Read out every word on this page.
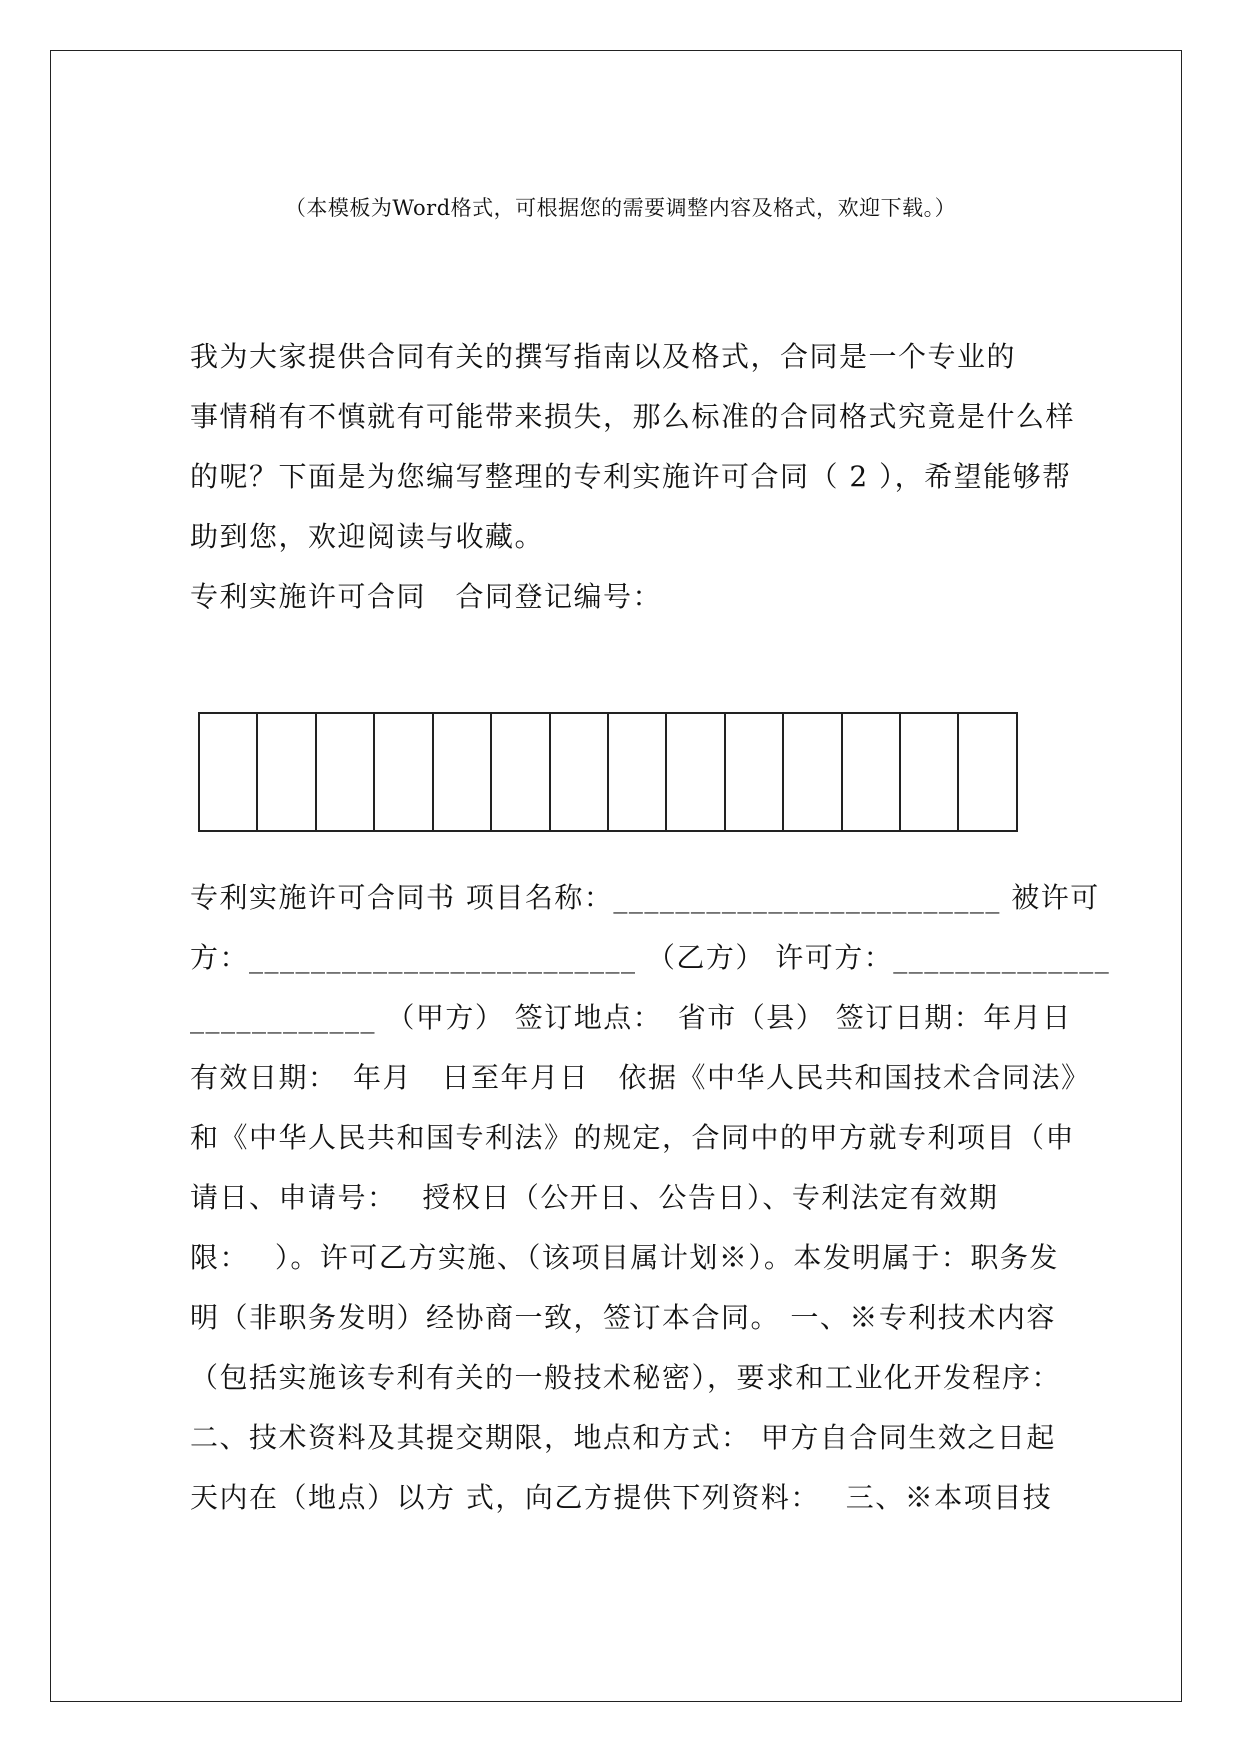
（本模板为Word格式，可根据您的需要调整内容及格式，欢迎下载。）
我为大家提供合同有关的撰写指南以及格式，合同是一个专业的
事情稍有不慎就有可能带来损失，那么标准的合同格式究竟是什么样
的呢？下面是为您编写整理的专利实施许可合同（ 2 ），希望能够帮
助到您，欢迎阅读与收藏。
专利实施许可合同　合同登记编号：
专利实施许可合同书 项目名称：_________________________ 被许可
方：_________________________ （乙方） 许可方：______________
____________ （甲方） 签订地点：　省市（县） 签订日期：年月日
有效日期：　年月　日至年月日　依据《中华人民共和国技术合同法》
和《中华人民共和国专利法》的规定，合同中的甲方就专利项目（申
请日、申请号：　 授权日（公开日、公告日）、专利法定有效期
限：　 ）。许可乙方实施、（该项目属计划※）。本发明属于：职务发
明（非职务发明）经协商一致，签订本合同。 一、※专利技术内容
（包括实施该专利有关的一般技术秘密），要求和工业化开发程序：
二、技术资料及其提交期限，地点和方式： 甲方自合同生效之日起
天内在（地点）以方 式，向乙方提供下列资料：　 三、※本项目技
